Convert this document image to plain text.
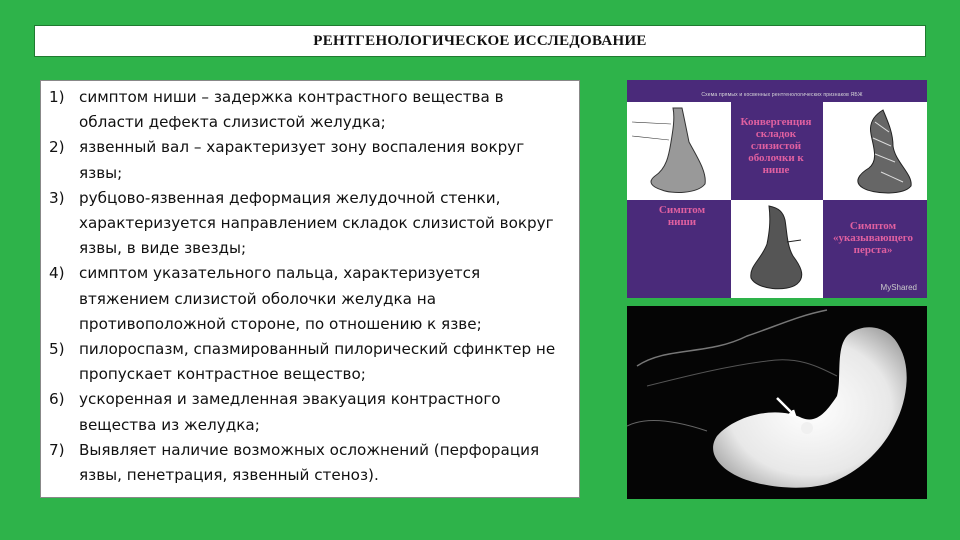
РЕНТГЕНОЛОГИЧЕСКОЕ ИССЛЕДОВАНИЕ
1) симптом ниши – задержка контрастного вещества в области дефекта слизистой желудка;
2) язвенный вал – характеризует зону воспаления вокруг язвы;
3) рубцово-язвенная деформация желудочной стенки, характеризуется направлением складок слизистой вокруг язвы, в виде звезды;
4) симптом указательного пальца, характеризуется втяжением слизистой оболочки желудка на противоположной стороне, по отношению к язве;
5) пилороспазм, спазмированный пилорический сфинктер не пропускает контрастное вещество;
6) ускоренная и замедленная эвакуация контрастного вещества из желудка;
7) Выявляет наличие возможных осложнений (перфорация язвы, пенетрация, язвенный стеноз).
Схема прямых и косвенных рентгенологических признаков ЯБЖ
Конвергенция складок слизистой оболочки к нише
Симптом ниши	Симптом «указывающего перста»
MyShared
